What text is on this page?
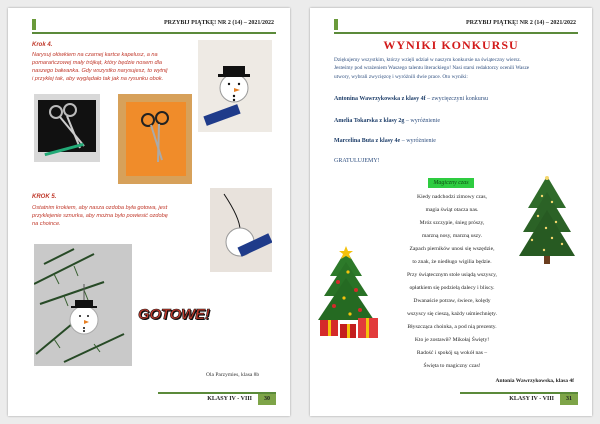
PRZYBIJ PIĄTKĘ! NR 2 (14) – 2021/2022
Krok 4.
Narysuj ołówkiem na czarnej kartce kapelusz, a na
pomarańczowej mały trójkąt, który będzie nosem dla
naszego bałwanka. Gdy wszystko narysujesz, to wytnij
i przyklej tak, aby wyglądało tak jak na rysunku obok.
KROK 5.
Ostatnim krokiem, aby nasza ozdoba była gotowa, jest
przyklejenie sznurka, aby można było powiesić ozdobę
na choince.
GOTOWE!
Ola Parzymies, klasa 8b
KLASY IV - VIII	30
PRZYBIJ PIĄTKĘ! NR 2 (14) – 2021/2022
WYNIKI KONKURSU
Dziękujemy wszystkim, którzy wzięli udział w naszym konkursie na świąteczny wiersz.
Jesteśmy pod wrażeniem Waszego talentu literackiego! Nasi starsi redaktorzy ocenili Wasze
utwory, wybrali zwycięzcę i wyróżnili dwie prace. Oto wyniki:
Antonina Wawrzykowska z klasy 4f – zwycięzczyni konkursu
Amelia Tokarska z klasy 2g – wyróżnienie
Marcelina Buta z klasy 4e – wyróżnienie
GRATULUJEMY!
Magiczny czas
Kiedy nadchodzi zimowy czas,
magia świąt otacza nas.
Mróz szczypie, śnieg prószy,
marzną nosy, marzną uszy.
Zapach pierników unosi się wszędzie,
to znak, że niedługo wigilia będzie.
Przy świątecznym stole usiądą wszyscy,
opłatkiem się podzielą dalecy i bliscy.
Dwanaście potraw, świece, kolędy
wszyscy się cieszą, każdy uśmiechnięty.
Błyszcząca choinka, a pod nią prezenty.
Kto je zostawił? Mikołaj Święty!
Radość i spokój są wokół nas –
Święta to magiczny czas!
Antonia Wawrzykowska, klasa 4f
KLASY IV - VIII	31
